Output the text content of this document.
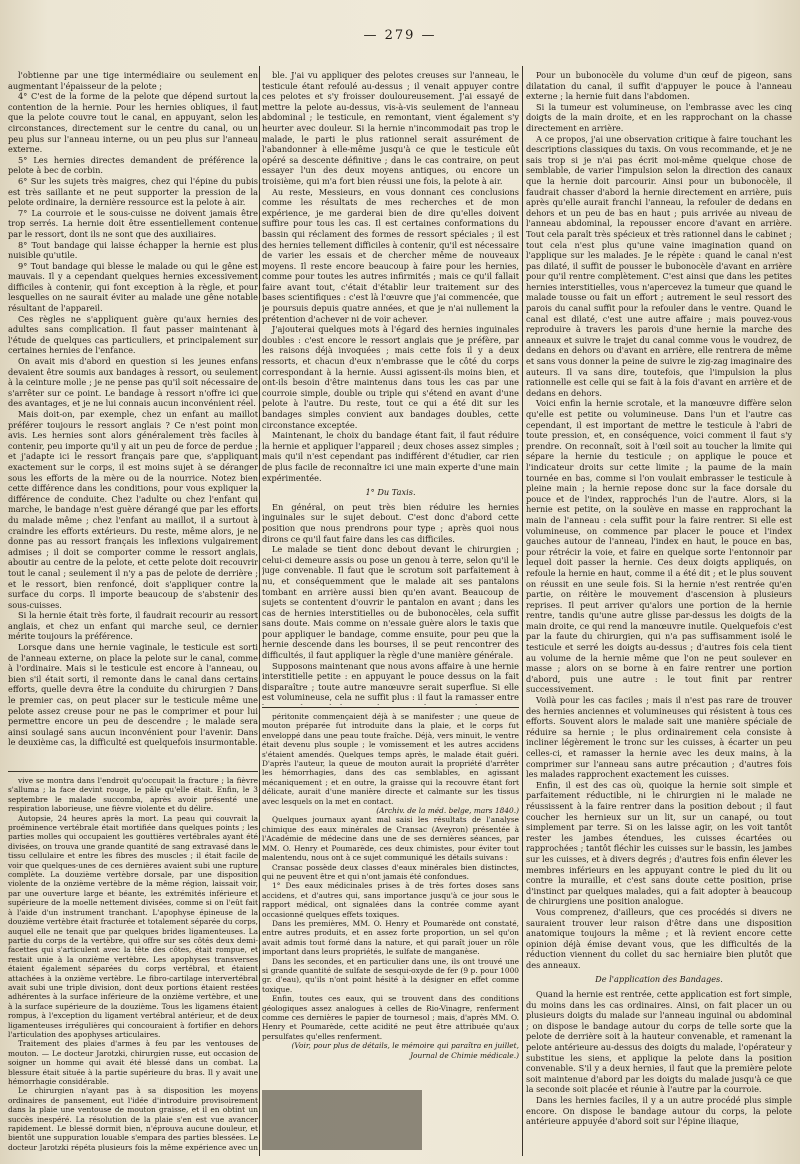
— 279 —

l'obtienne par une tige intermédiaire ou seulement en augmentant l'épaisseur de la pelote ;

4° C'est de la forme de la pelote que dépend surtout la contention de la hernie. Pour les hernies obliques, il faut que la pelote couvre tout le canal, en appuyant, selon les circonstances, directement sur le centre du canal, ou un peu plus sur l'anneau interne, ou un peu plus sur l'anneau externe.

5° Les hernies directes demandent de préférence la pelote à bec de corbin.

6° Sur les sujets très maigres, chez qui l'épine du pubis est très saillante et ne peut supporter la pression de la pelote ordinaire, la dernière ressource est la pelote à air.

7° La courroie et le sous-cuisse ne doivent jamais être trop serrés. La hernie doit être essentiellement contenue par le ressort, dont ils ne sont que des auxiliaires.

8° Tout bandage qui laisse échapper la hernie est plus nuisible qu'utile.

9° Tout bandage qui blesse le malade ou qui le gêne est mauvais. Il y a cependant quelques hernies excessivement difficiles à contenir, qui font exception à la règle, et pour lesquelles on ne saurait éviter au malade une gêne notable résultant de l'appareil.

Ces règles ne s'appliquent guère qu'aux hernies des adultes sans complication. Il faut passer maintenant à l'étude de quelques cas particuliers, et principalement sur certaines hernies de l'enfance.

On avait mis d'abord en question si les jeunes enfans devaient être soumis aux bandages à ressort, ou seulement à la ceinture molle ; je ne pense pas qu'il soit nécessaire de s'arrêter sur ce point. Le bandage à ressort n'offre ici que des avantages, et je ne lui connais aucun inconvénient réel.

Mais doit-on, par exemple, chez un enfant au maillot préférer toujours le ressort anglais ? Ce n'est point mon avis. Les hernies sont alors généralement très faciles à contenir, peu importe qu'il y ait un peu de force de perdue ; et j'adapte ici le ressort français pare que, s'appliquant exactement sur le corps, il est moins sujet à se déranger sous les efforts de la mère ou de la nourrice. Notez bien cette différence dans les conditions, pour vous expliquer la différence de conduite. Chez l'adulte ou chez l'enfant qui marche, le bandage n'est guère dérangé que par les efforts du malade même ; chez l'enfant au maillot, il a surtout à craindre les efforts extérieurs. Du reste, même alors, je ne donne pas au ressort français les inflexions vulgairement admises ; il doit se comporter comme le ressort anglais, aboutir au centre de la pelote, et cette pelote doit recouvrir tout le canal ; seulement il n'y a pas de pelote de derrière ; et le ressort, bien renfoncé, doit s'appliquer contre la surface du corps. Il importe beaucoup de s'abstenir des sous-cuisses.

Si la hernie était très forte, il faudrait recourir au ressort anglais, et chez un enfant qui marche seul, ce dernier mérite toujours la préférence.

Lorsque dans une hernie vaginale, le testicule est sorti de l'anneau externe, on place la pelote sur le canal, comme à l'ordinaire. Mais si le testicule est encore à l'anneau, ou bien s'il était sorti, il remonte dans le canal dans certains efforts, quelle devra être la conduite du chirurgien ? Dans le premier cas, on peut placer sur le testicule même une pelote assez creuse pour ne pas le comprimer et pour lui permettre encore un peu de descendre ; le malade sera ainsi soulagé sans aucun inconvénient pour l'avenir. Dans le deuxième cas, la difficulté est quelquefois insurmontable.

ble. J'ai vu appliquer des pelotes creuses sur l'anneau, le testicule étant refoulé au-dessus ; il venait appuyer contre ces pelotes et s'y froisser douloureusement. J'ai essayé de mettre la pelote au-dessus, vis-à-vis seulement de l'anneau abdominal ; le testicule, en remontant, vient également s'y heurter avec douleur. Si la hernie n'incommodait pas trop le malade, le parti le plus rationnel serait assurément de l'abandonner à elle-même jusqu'à ce que le testicule eût opéré sa descente définitive ; dans le cas contraire, on peut essayer l'un des deux moyens antiques, ou encore un troisième, qui m'a fort bien réussi une fois, la pelote à air.

Au reste, Messieurs, en vous donnant ces conclusions comme les résultats de mes recherches et de mon expérience, je me garderai bien de dire qu'elles doivent suffire pour tous les cas. Il est certaines conformations du bassin qui réclament des formes de ressort spéciales ; il est des hernies tellement difficiles à contenir, qu'il est nécessaire de varier les essais et de chercher même de nouveaux moyens. Il reste encore beaucoup à faire pour les hernies, comme pour toutes les autres infirmités ; mais ce qu'il fallait faire avant tout, c'était d'établir leur traitement sur des bases scientifiques : c'est là l'œuvre que j'ai commencée, que je poursuis depuis quatre années, et que je n'ai nullement la prétention d'achever ni de voir achever.

J'ajouterai quelques mots à l'égard des hernies inguinales doubles : c'est encore le ressort anglais que je préfère, par les raisons déjà invoquées ; mais cette fois il y a deux ressorts, et chacun d'eux n'embrasse que le côté du corps correspondant à la hernie. Aussi agissent-ils moins bien, et ont-ils besoin d'être maintenus dans tous les cas par une courroie simple, double ou triple qui s'étend en avant d'une pelote à l'autre. Du reste, tout ce qui a été dit sur les bandages simples convient aux bandages doubles, cette circonstance exceptée.

Maintenant, le choix du bandage étant fait, il faut réduire la hernie et appliquer l'appareil ; deux choses assez simples ; mais qu'il n'est cependant pas indifférent d'étudier, car rien de plus facile de reconnaître ici une main experte d'une main expérimentée.

1° Du Taxis.

En général, on peut très bien réduire les hernies inguinales sur le sujet debout. C'est donc d'abord cette position que nous prendrons pour type ; après quoi nous dirons ce qu'il faut faire dans les cas difficiles.

Le malade se tient donc debout devant le chirurgien ; celui-ci demeure assis ou pose un genou à terre, selon qu'il le juge convenable. Il faut que le scrotum soit parfaitement à nu, et conséquemment que le malade ait ses pantalons tombant en arrière aussi bien qu'en avant. Beaucoup de sujets se contentent d'ouvrir le pantalon en avant ; dans les cas de hernies interstitielles ou de bubonocèles, cela suffit sans doute. Mais comme on n'essaie guère alors le taxis que pour appliquer le bandage, comme ensuite, pour peu que la hernie descende dans les bourses, il se peut rencontrer des difficultés, il faut appliquer la règle d'une manière générale.

Supposons maintenant que nous avons affaire à une hernie interstitielle petite : en appuyant le pouce dessus on la fait disparaître ; toute autre manœuvre serait superflue. Si elle est volumineuse, cela ne suffit plus : il faut la ramasser entre

Pour un bubonocèle du volume d'un œuf de pigeon, sans dilatation du canal, il suffit d'appuyer le pouce à l'anneau externe ; la hernie fuit dans l'abdomen.

Si la tumeur est volumineuse, on l'embrasse avec les cinq doigts de la main droite, et en les rapprochant on la chasse directement en arrière.

A ce propos, j'ai une observation critique à faire touchant les descriptions classiques du taxis. On vous recommande, et je ne sais trop si je n'ai pas écrit moi-même quelque chose de semblable, de varier l'impulsion selon la direction des canaux que la hernie doit parcourir. Ainsi pour un bubonocèle, il faudrait chasser d'abord la hernie directement en arrière, puis après qu'elle aurait franchi l'anneau, la refouler de dedans en dehors et un peu de bas en haut ; puis arrivée au niveau de l'anneau abdominal, la repousser encore d'avant en arrière. Tout cela paraît très spécieux et très rationnel dans le cabinet ; tout cela n'est plus qu'une vaine imagination quand on l'applique sur les malades. Je le répète : quand le canal n'est pas dilaté, il suffit de pousser le bubonocèle d'avant en arrière pour qu'il rentre complètement. C'est ainsi que dans les petites hernies interstitielles, vous n'apercevez la tumeur que quand le malade tousse ou fait un effort ; autrement le seul ressort des parois du canal suffit pour la refouler dans le ventre. Quand le canal est dilaté, c'est une autre affaire ; mais pouvez-vous reproduire à travers les parois d'une hernie la marche des anneaux et suivre le trajet du canal comme vous le voudrez, de dedans en dehors ou d'avant en arrière, elle rentrera de même et sans vous donner la peine de suivre le zig-zag imaginaire des auteurs. Il va sans dire, toutefois, que l'impulsion la plus rationnelle est celle qui se fait à la fois d'avant en arrière et de dedans en dehors.

Voici enfin la hernie scrotale, et la manœuvre diffère selon qu'elle est petite ou volumineuse. Dans l'un et l'autre cas cependant, il est important de mettre le testicule à l'abri de toute pression, et, en conséquence, voici comment il faut s'y prendre. On reconnaît, soit à l'œil soit au toucher la limite qui sépare la hernie du testicule ; on applique le pouce et l'indicateur droits sur cette limite ; la paume de la main tournée en bas, comme si l'on voulait embrasser le testicule à pleine main ; la hernie repose donc sur la face dorsale du pouce et de l'index, rapprochés l'un de l'autre. Alors, si la hernie est petite, on la soulève en masse en rapprochant la main de l'anneau : cela suffit pour la faire rentrer. Si elle est volumineuse, on commence par placer le pouce et l'index gauches autour de l'anneau, l'index en haut, le pouce en bas, pour rétrécir la voie, et faire en quelque sorte l'entonnoir par lequel doit passer la hernie. Ces deux doigts appliqués, on refoule la hernie en haut, comme il a été dit ; et le plus souvent on réussit en une seule fois. Si la hernie n'est rentrée qu'en partie, on réitère le mouvement d'ascension à plusieurs reprises. Il peut arriver qu'alors une portion de la hernie rentre, tandis qu'une autre glisse par-dessus les doigts de la main droite, ce qui rend la manœuvre inutile. Quelquefois c'est par la faute du chirurgien, qui n'a pas suffisamment isolé le testicule et serré les doigts au-dessus ; d'autres fois cela tient au volume de la hernie même que l'on ne peut soulever en masse ; alors on se borne à en faire rentrer une portion d'abord, puis une autre : le tout finit par rentrer successivement.

Voilà pour les cas faciles ; mais il n'est pas rare de trouver des hernies anciennes et volumineuses qui résistent à tous ces efforts. Souvent alors le malade sait une manière spéciale de réduire sa hernie ; le plus ordinairement cela consiste à incliner légèrement le tronc sur les cuisses, à écarter un peu celles-ci, et ramasser la hernie avec les deux mains, à la comprimer sur l'anneau sans autre précaution ; d'autres fois les malades rapprochent exactement les cuisses.

Enfin, il est des cas où, quoique la hernie soit simple et parfaitement réductible, ni le chirurgien ni le malade ne réussissent à la faire rentrer dans la position debout ; il faut coucher les hernieux sur un lit, sur un canapé, ou tout simplement par terre. Si on les laisse agir, on les voit tantôt rester les jambes étendues, les cuisses écartées ou rapprochées ; tantôt fléchir les cuisses sur le bassin, les jambes sur les cuisses, et à divers degrés ; d'autres fois enfin élever les membres inférieurs en les appuyant contre le pied du lit ou contre la muraille, et c'est sans doute cette position, prise d'instinct par quelques malades, qui a fait adopter à beaucoup de chirurgiens une position analogue.

Vous comprenez, d'ailleurs, que ces procédés si divers ne sauraient trouver leur raison d'être dans une disposition anatomique toujours la même ; et là revient encore cette opinion déjà émise devant vous, que les difficultés de la réduction viennent du collet du sac herniaire bien plutôt que des anneaux.

De l'application des Bandages.

Quand la hernie est rentrée, cette application est fort simple, du moins dans les cas ordinaires. Ainsi, on fait placer un ou plusieurs doigts du malade sur l'anneau inguinal ou abdominal ; on dispose le bandage autour du corps de telle sorte que la pelote de derrière soit à la hauteur convenable, et ramenant la pelote antérieure au-dessus des doigts du malade, l'opérateur y substitue les siens, et applique la pelote dans la position convenable. S'il y a deux hernies, il faut que la première pelote soit maintenue d'abord par les doigts du malade jusqu'à ce que la seconde soit placée et réunie à l'autre par la courroie.

Dans les hernies faciles, il y a un autre procédé plus simple encore. On dispose le bandage autour du corps, la pelote antérieure appuyée d'abord soit sur l'épine iliaque,

vive se montra dans l'endroit qu'occupait la fracture ; la fièvre s'alluma ; la face devint rouge, le pâle qu'elle était. Enfin, le 3 septembre le malade succomba, après avoir présenté une respiration laborieuse, une fièvre violente et du délire.

Autopsie, 24 heures après la mort. La peau qui couvrait la proéminence vertébrale était mortifiée dans quelques points ; les parties molles qui occupaient les gouttières vertébrales ayant été divisées, on trouva une grande quantité de sang extravasé dans le tissu cellulaire et entre les fibres des muscles ; il était facile de voir que quelques-unes de ces dernières avaient subi une rupture complète. La douzième vertèbre dorsale, par une disposition violente de la onzième vertèbre de la même région, laissait voir, par une ouverture large et béante, les extrémités inférieure et supérieure de la moelle nettement divisées, comme si on l'eût fait à l'aide d'un instrument tranchant. L'apophyse épineuse de la douzième vertèbre était fracturée et totalement séparée du corps, auquel elle ne tenait que par quelques brides ligamenteuses. La partie du corps de la vertèbre, qui offre sur ses côtés deux demi-facettes qui s'articulent avec la tête des côtes, était rompue, et restait unie à la onzième vertèbre. Les apophyses transverses étaient également séparées du corps vertébral, et étaient attachées à la onzième vertèbre. Le fibro-cartilage intervertébral avait subi une triple division, dont deux portions étaient restées adhérentes à la surface inférieure de la onzième vertèbre, et une à la surface supérieure de la douzième. Tous les ligamens étaient rompus, à l'exception du ligament vertébral antérieur, et de deux ligamenteuses irrégulières qui concouraient à fortifier en dehors l'articulation des apophyses articulaires.

Traitement des plaies d'armes à feu par les ventouses de mouton. — Le docteur Jarotzki, chirurgien russe, eut occasion de soigner un homme qui avait été blessé dans un combat. La blessure était située à la partie supérieure du bras. Il y avait une hémorrhagie considérable.

Le chirurgien n'ayant pas à sa disposition les moyens ordinaires de pansement, eut l'idée d'introduire provisoirement dans la plaie une ventouse de mouton graisse, et il en obtint un succès inespéré. La résolution de la plaie s'en est vue avancer rapidement. Le blessé dormit bien, n'éprouva aucune douleur, et bientôt une suppuration louable s'empara des parties blessées. Le docteur Jarotzki répéta plusieurs fois la même expérience avec un

péritonite commençaient déjà à se manifester ; une queue de mouton préparée fut introduite dans la plaie, et le corps fut enveloppé dans une peau toute fraîche. Déjà, vers minuit, le ventre était devenu plus souple ; le vomissement et les autres accidens s'étaient amendés. Quelques temps après, le malade était guéri. D'après l'auteur, la queue de mouton aurait la propriété d'arrêter les hémorrhagies, dans des cas semblables, en agissant mécaniquement ; et en outre, la graisse qui la recouvre étant fort délicate, aurait d'une manière directe et calmante sur les tissus avec lesquels on la met en contact.

(Archiv. de la méd. belge, mars 1840.)

Quelques journaux ayant mal saisi les résultats de l'analyse chimique des eaux minérales de Cransac (Aveyron) présentée à l'Académie de médecine dans une de ses dernières séances, par MM. O. Henry et Poumarède, ces deux chimistes, pour éviter tout malentendu, nous ont à ce sujet communiqué les détails suivans :

Cransac possède deux classes d'eaux minérales bien distinctes, qui ne peuvent être et qui n'ont jamais été confondues.

1° Des eaux médicinales prises à de très fortes doses sans accidens, et d'autres qui, sans importance jusqu'à ce jour sous le rapport médical, ont signalées dans la contrée comme ayant occasionné quelques effets toxiques.

Dans les premières, MM. O. Henry et Poumarède ont constaté, entre autres produits, et en assez forte proportion, un sel qu'on avait admis tout formé dans la nature, et qui paraît jouer un rôle important dans leurs propriétés, le sulfate de manganèse.

Dans les secondes, et en particulier dans une, ils ont trouvé une si grande quantité de sulfate de sesqui-oxyde de fer (9 p. pour 1000 gr. d'eau), qu'ils n'ont point hésité à la désigner en effet comme toxique.

Enfin, toutes ces eaux, qui se trouvent dans des conditions géologiques assez analogues à celles de Rio-Vinagre, renferment comme ces dernières le papier de tournesol ; mais, d'après MM. O. Henry et Poumarède, cette acidité ne peut être attribuée qu'aux persulfates qu'elles renferment.

(Voir, pour plus de détails, le mémoire qui paraîtra en juillet, Journal de Chimie médicale.)
